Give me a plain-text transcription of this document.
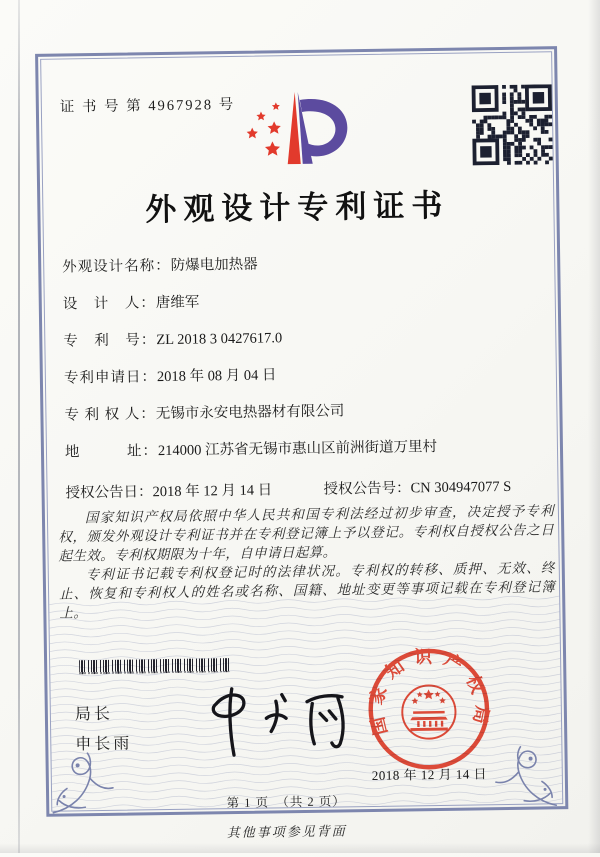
证 书 号 第 4967928 号
外观设计专利证书
外观设计名称：防爆电加热器
设　计　人：唐维军
专　利　号：ZL 2018 3 0427617.0
专利申请日：2018 年 08 月 04 日
专 利 权 人：无锡市永安电热器材有限公司
地　　　址：214000 江苏省无锡市惠山区前洲街道万里村
授权公告日：2018 年 12 月 14 日	授权公告号：CN 304947077 S

国家知识产权局依照中华人民共和国专利法经过初步审查，决定授予专利权，颁发外观设计专利证书并在专利登记簿上予以登记。专利权自授权公告之日起生效。专利权期限为十年，自申请日起算。

专利证书记载专利权登记时的法律状况。专利权的转移、质押、无效、终止、恢复和专利权人的姓名或名称、国籍、地址变更等事项记载在专利登记簿上。

局长
申长雨
国家知识产权局
2018 年 12 月 14 日
第 1 页　（共 2 页）
其他事项参见背面
